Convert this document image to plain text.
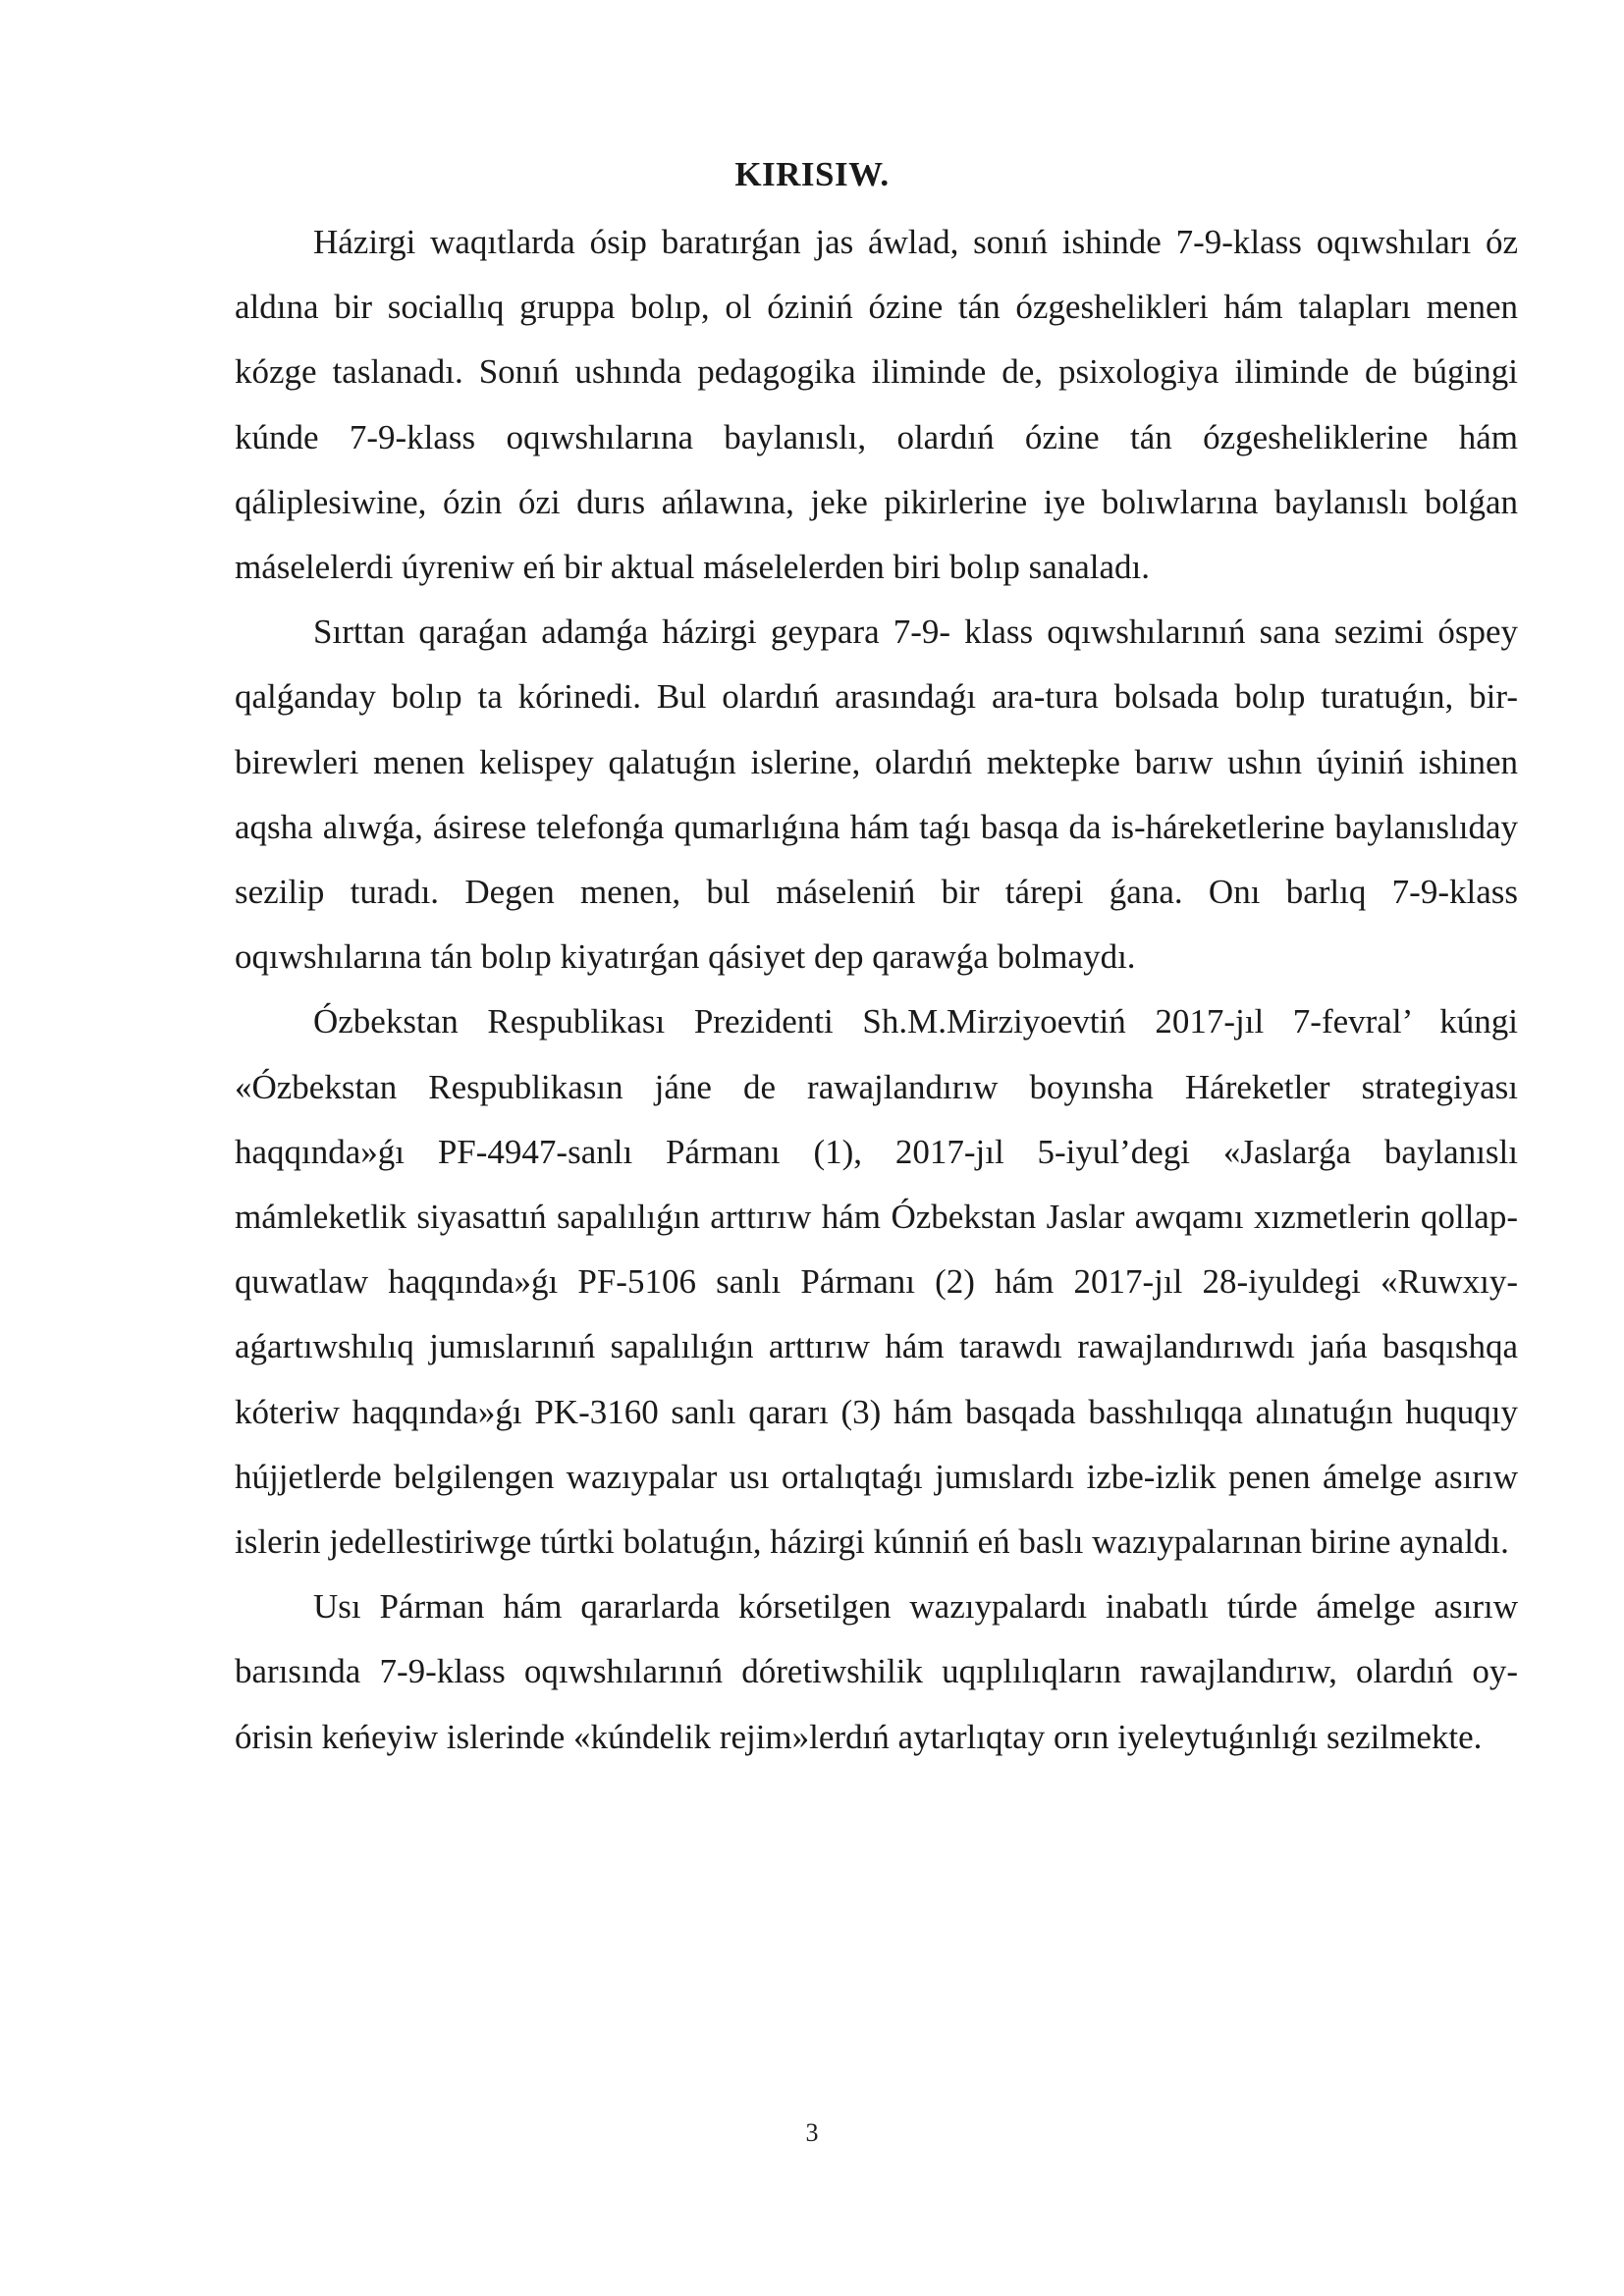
KIRISIW.

Házirgi waqıtlarda ósip baratırǵan jas áwlad, sonıń ishinde 7-9-klass oqıwshıları óz aldına bir sociallıq gruppa bolıp, ol óziniń ózine tán ózgeshelikleri hám talapları menen kózge taslanadı. Sonıń ushında pedagogika iliminde de, psixologiya iliminde de búgingi kúnde 7-9-klass oqıwshılarına baylanıslı, olardıń ózine tán ózgesheliklerine hám qáliplesiwine, ózin ózi durıs ańlawına, jeke pikirlerine iye bolıwlarına baylanıslı bolǵan máselelerdi úyreniw eń bir aktual máselelerden biri bolıp sanaladı.

Sırttan qaraǵan adamǵa házirgi geypara 7-9- klass oqıwshılarınıń sana sezimi óspey qalǵanday bolıp ta kórinedi. Bul olardıń arasındaǵı ara-tura bolsada bolıp turatuǵın, bir-birewleri menen kelispey qalatuǵın islerine, olardıń mektepke barıw ushın úyiniń ishinen aqsha alıwǵa, ásirese telefonǵa qumarlıǵına hám taǵı basqa da is-háreketlerine baylanıslıday sezilip turadı. Degen menen, bul máseleniń bir tárepi ǵana. Onı barlıq 7-9-klass oqıwshılarına tán bolıp kiyatırǵan qásiyet dep qarawǵa bolmaydı.

Ózbekstan Respublikası Prezidenti Sh.M.Mirziyoevtiń 2017-jıl 7-fevral’ kúngi «Ózbekstan Respublikasın jáne de rawajlandırıw boyınsha Háreketler strategiyası haqqında»ǵı PF-4947-sanlı Pármanı (1), 2017-jıl 5-iyul’degi «Jaslarǵa baylanıslı mámleketlik siyasattıń sapalılıǵın arttırıw hám Ózbekstan Jaslar awqamı xızmetlerin qollap-quwatlaw haqqında»ǵı PF-5106 sanlı Pármanı (2) hám 2017-jıl 28-iyuldegi «Ruwxıy-aǵartıwshılıq jumıslarınıń sapalılıǵın arttırıw hám tarawdı rawajlandırıwdı jańa basqıshqa kóteriw haqqında»ǵı PK-3160 sanlı qararı (3) hám basqada basshılıqqa alınatuǵın huquqıy hújjetlerde belgilengen wazıypalar usı ortalıqtaǵı jumıslardı izbe-izlik penen ámelge asırıw islerin jedellestiriwge túrtki bolatuǵın, házirgi kúnniń eń baslı wazıypalarınan birine aynaldı.

Usı Párman hám qararlarda kórsetilgen wazıypalardı inabatlı túrde ámelge asırıw barısında 7-9-klass oqıwshılarınıń dóretiwshilik uqıplılıqların rawajlandırıw, olardıń oy-órisin keńeyiw islerinde «kúndelik rejim»lerdıń aytarlıqtay orın iyeleytuǵınlıǵı sezilmekte.

3
